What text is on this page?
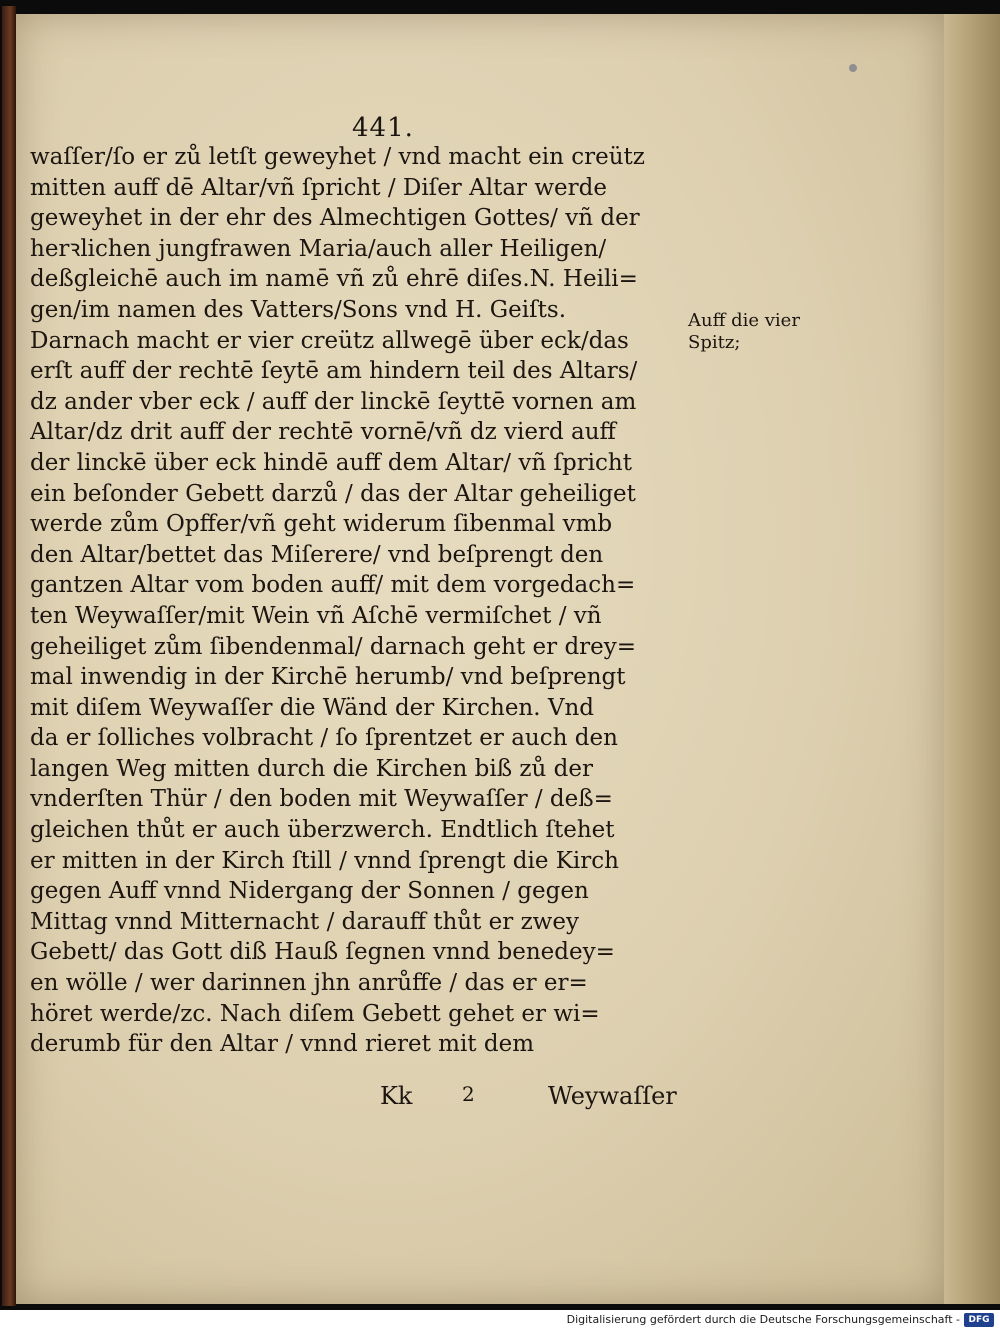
441.
waſſer/ſo er zů letſt geweyhet / vnd macht ein creütz
mitten auff dē Altar/vñ ſpricht / Diſer Altar werde
geweyhet in der ehr des Almechtigen Gottes/ vñ der
herꝛlichen jungfrawen Maria/auch aller Heiligen/
deßgleichē auch im namē vñ zů ehrē diſes.N. Heili=
gen/im namen des Vatters/Sons vnd H. Geiſts.
Darnach macht er vier creütz allwegē über eck/das
erſt auff der rechtē ſeytē am hindern teil des Altars/
dz ander vber eck / auff der linckē ſeyttē vornen am
Altar/dz drit auff der rechtē vornē/vñ dz vierd auff
der linckē über eck hindē auff dem Altar/ vñ ſpricht
ein beſonder Gebett darzů / das der Altar geheiliget
werde zům Opffer/vñ geht widerum ſibenmal vmb
den Altar/bettet das Miſerere/ vnd beſprengt den
gantzen Altar vom boden auff/ mit dem vorgedach=
ten Weywaſſer/mit Wein vñ Aſchē vermiſchet / vñ
geheiliget zům ſibendenmal/ darnach geht er drey=
mal inwendig in der Kirchē herumb/ vnd beſprengt
mit diſem Weywaſſer die Wänd der Kirchen. Vnd
da er ſolliches volbracht / ſo ſprentzet er auch den
langen Weg mitten durch die Kirchen biß zů der
vnderſten Thür / den boden mit Weywaſſer / deß=
gleichen thůt er auch überzwerch. Endtlich ſtehet
er mitten in der Kirch ſtill / vnnd ſprengt die Kirch
gegen Auff vnnd Nidergang der Sonnen / gegen
Mittag vnnd Mitternacht / darauff thůt er zwey
Gebett/ das Gott diß Hauß ſegnen vnnd benedey=
en wölle / wer darinnen jhn anrůffe / das er er=
höret werde/zc. Nach diſem Gebett gehet er wi=
derumb für den Altar / vnnd rieret mit dem
Auff die vier
Spitz;
Kk 2	Weywaſſer
Digitalisierung gefördert durch die Deutsche Forschungsgemeinschaft - DFG
